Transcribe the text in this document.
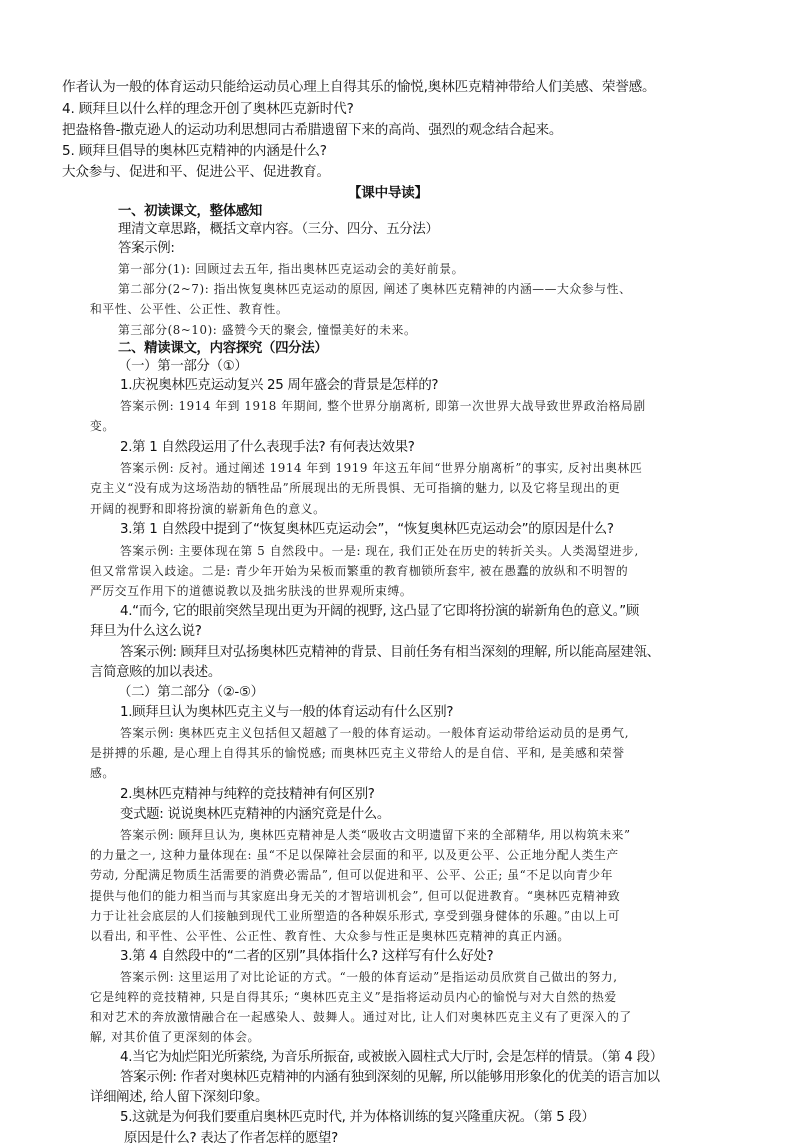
作者认为一般的体育运动只能给运动员心理上自得其乐的愉悦,奥林匹克精神带给人们美感、荣誉感。
4. 顾拜旦以什么样的理念开创了奥林匹克新时代?
把盎格鲁-撒克逊人的运动功利思想同古希腊遗留下来的高尚、强烈的观念结合起来。
5. 顾拜旦倡导的奥林匹克精神的内涵是什么?
大众参与、促进和平、促进公平、促进教育。
【课中导读】
一、初读课文，整体感知
理清文章思路，概括文章内容。（三分、四分、五分法）
答案示例:
第一部分(1): 回顾过去五年, 指出奥林匹克运动会的美好前景。
第二部分(2~7): 指出恢复奥林匹克运动的原因, 阐述了奥林匹克精神的内涵——大众参与性、
和平性、公平性、公正性、教育性。
第三部分(8~10): 盛赞今天的聚会, 憧憬美好的未来。
二、精读课文，内容探究（四分法）
（一）第一部分（①）
1.庆祝奥林匹克运动复兴 25 周年盛会的背景是怎样的?
答案示例: 1914 年到 1918 年期间, 整个世界分崩离析, 即第一次世界大战导致世界政治格局剧
变。
2.第 1 自然段运用了什么表现手法? 有何表达效果?
答案示例: 反衬。通过阐述 1914 年到 1919 年这五年间“世界分崩离析”的事实, 反衬出奥林匹
克主义“没有成为这场浩劫的牺牲品”所展现出的无所畏惧、无可指摘的魅力, 以及它将呈现出的更
开阔的视野和即将扮演的崭新角色的意义。
3.第 1 自然段中提到了“恢复奥林匹克运动会”，“恢复奥林匹克运动会”的原因是什么?
答案示例: 主要体现在第 5 自然段中。一是: 现在, 我们正处在历史的转折关头。人类渴望进步,
但又常常误入歧途。二是: 青少年开始为呆板而繁重的教育枷锁所套牢, 被在愚蠢的放纵和不明智的
严厉交互作用下的道德说教以及拙劣肤浅的世界观所束缚。
4.“而今, 它的眼前突然呈现出更为开阔的视野, 这凸显了它即将扮演的崭新角色的意义。”顾
拜旦为什么这么说?
答案示例: 顾拜旦对弘扬奥林匹克精神的背景、目前任务有相当深刻的理解, 所以能高屋建瓴、
言简意赅的加以表述。
（二）第二部分（②-⑤）
1.顾拜旦认为奥林匹克主义与一般的体育运动有什么区别?
答案示例: 奥林匹克主义包括但又超越了一般的体育运动。一般体育运动带给运动员的是勇气,
是拼搏的乐趣, 是心理上自得其乐的愉悦感; 而奥林匹克主义带给人的是自信、平和, 是美感和荣誉
感。
2.奥林匹克精神与纯粹的竞技精神有何区别?
变式题: 说说奥林匹克精神的内涵究竟是什么。
答案示例: 顾拜旦认为, 奥林匹克精神是人类“吸收古文明遗留下来的全部精华, 用以构筑未来”
的力量之一, 这种力量体现在: 虽“不足以保障社会层面的和平, 以及更公平、公正地分配人类生产
劳动, 分配满足物质生活需要的消费必需品”, 但可以促进和平、公平、公正; 虽“不足以向青少年
提供与他们的能力相当而与其家庭出身无关的才智培训机会”, 但可以促进教育。“奥林匹克精神致
力于让社会底层的人们接触到现代工业所塑造的各种娱乐形式, 享受到强身健体的乐趣。”由以上可
以看出, 和平性、公平性、公正性、教育性、大众参与性正是奥林匹克精神的真正内涵。
3.第 4 自然段中的“二者的区别”具体指什么? 这样写有什么好处?
答案示例: 这里运用了对比论证的方式。“一般的体育运动”是指运动员欣赏自己做出的努力,
它是纯粹的竞技精神, 只是自得其乐; “奥林匹克主义”是指将运动员内心的愉悦与对大自然的热爱
和对艺术的奔放激情融合在一起感染人、鼓舞人。通过对比, 让人们对奥林匹克主义有了更深入的了
解, 对其价值了更深刻的体会。
4.当它为灿烂阳光所萦绕, 为音乐所振奋, 或被嵌入圆柱式大厅时, 会是怎样的情景。（第 4 段）
答案示例: 作者对奥林匹克精神的内涵有独到深刻的见解, 所以能够用形象化的优美的语言加以
详细阐述, 给人留下深刻印象。
5.这就是为何我们要重启奥林匹克时代, 并为体格训练的复兴隆重庆祝。（第 5 段）
原因是什么? 表达了作者怎样的愿望?
